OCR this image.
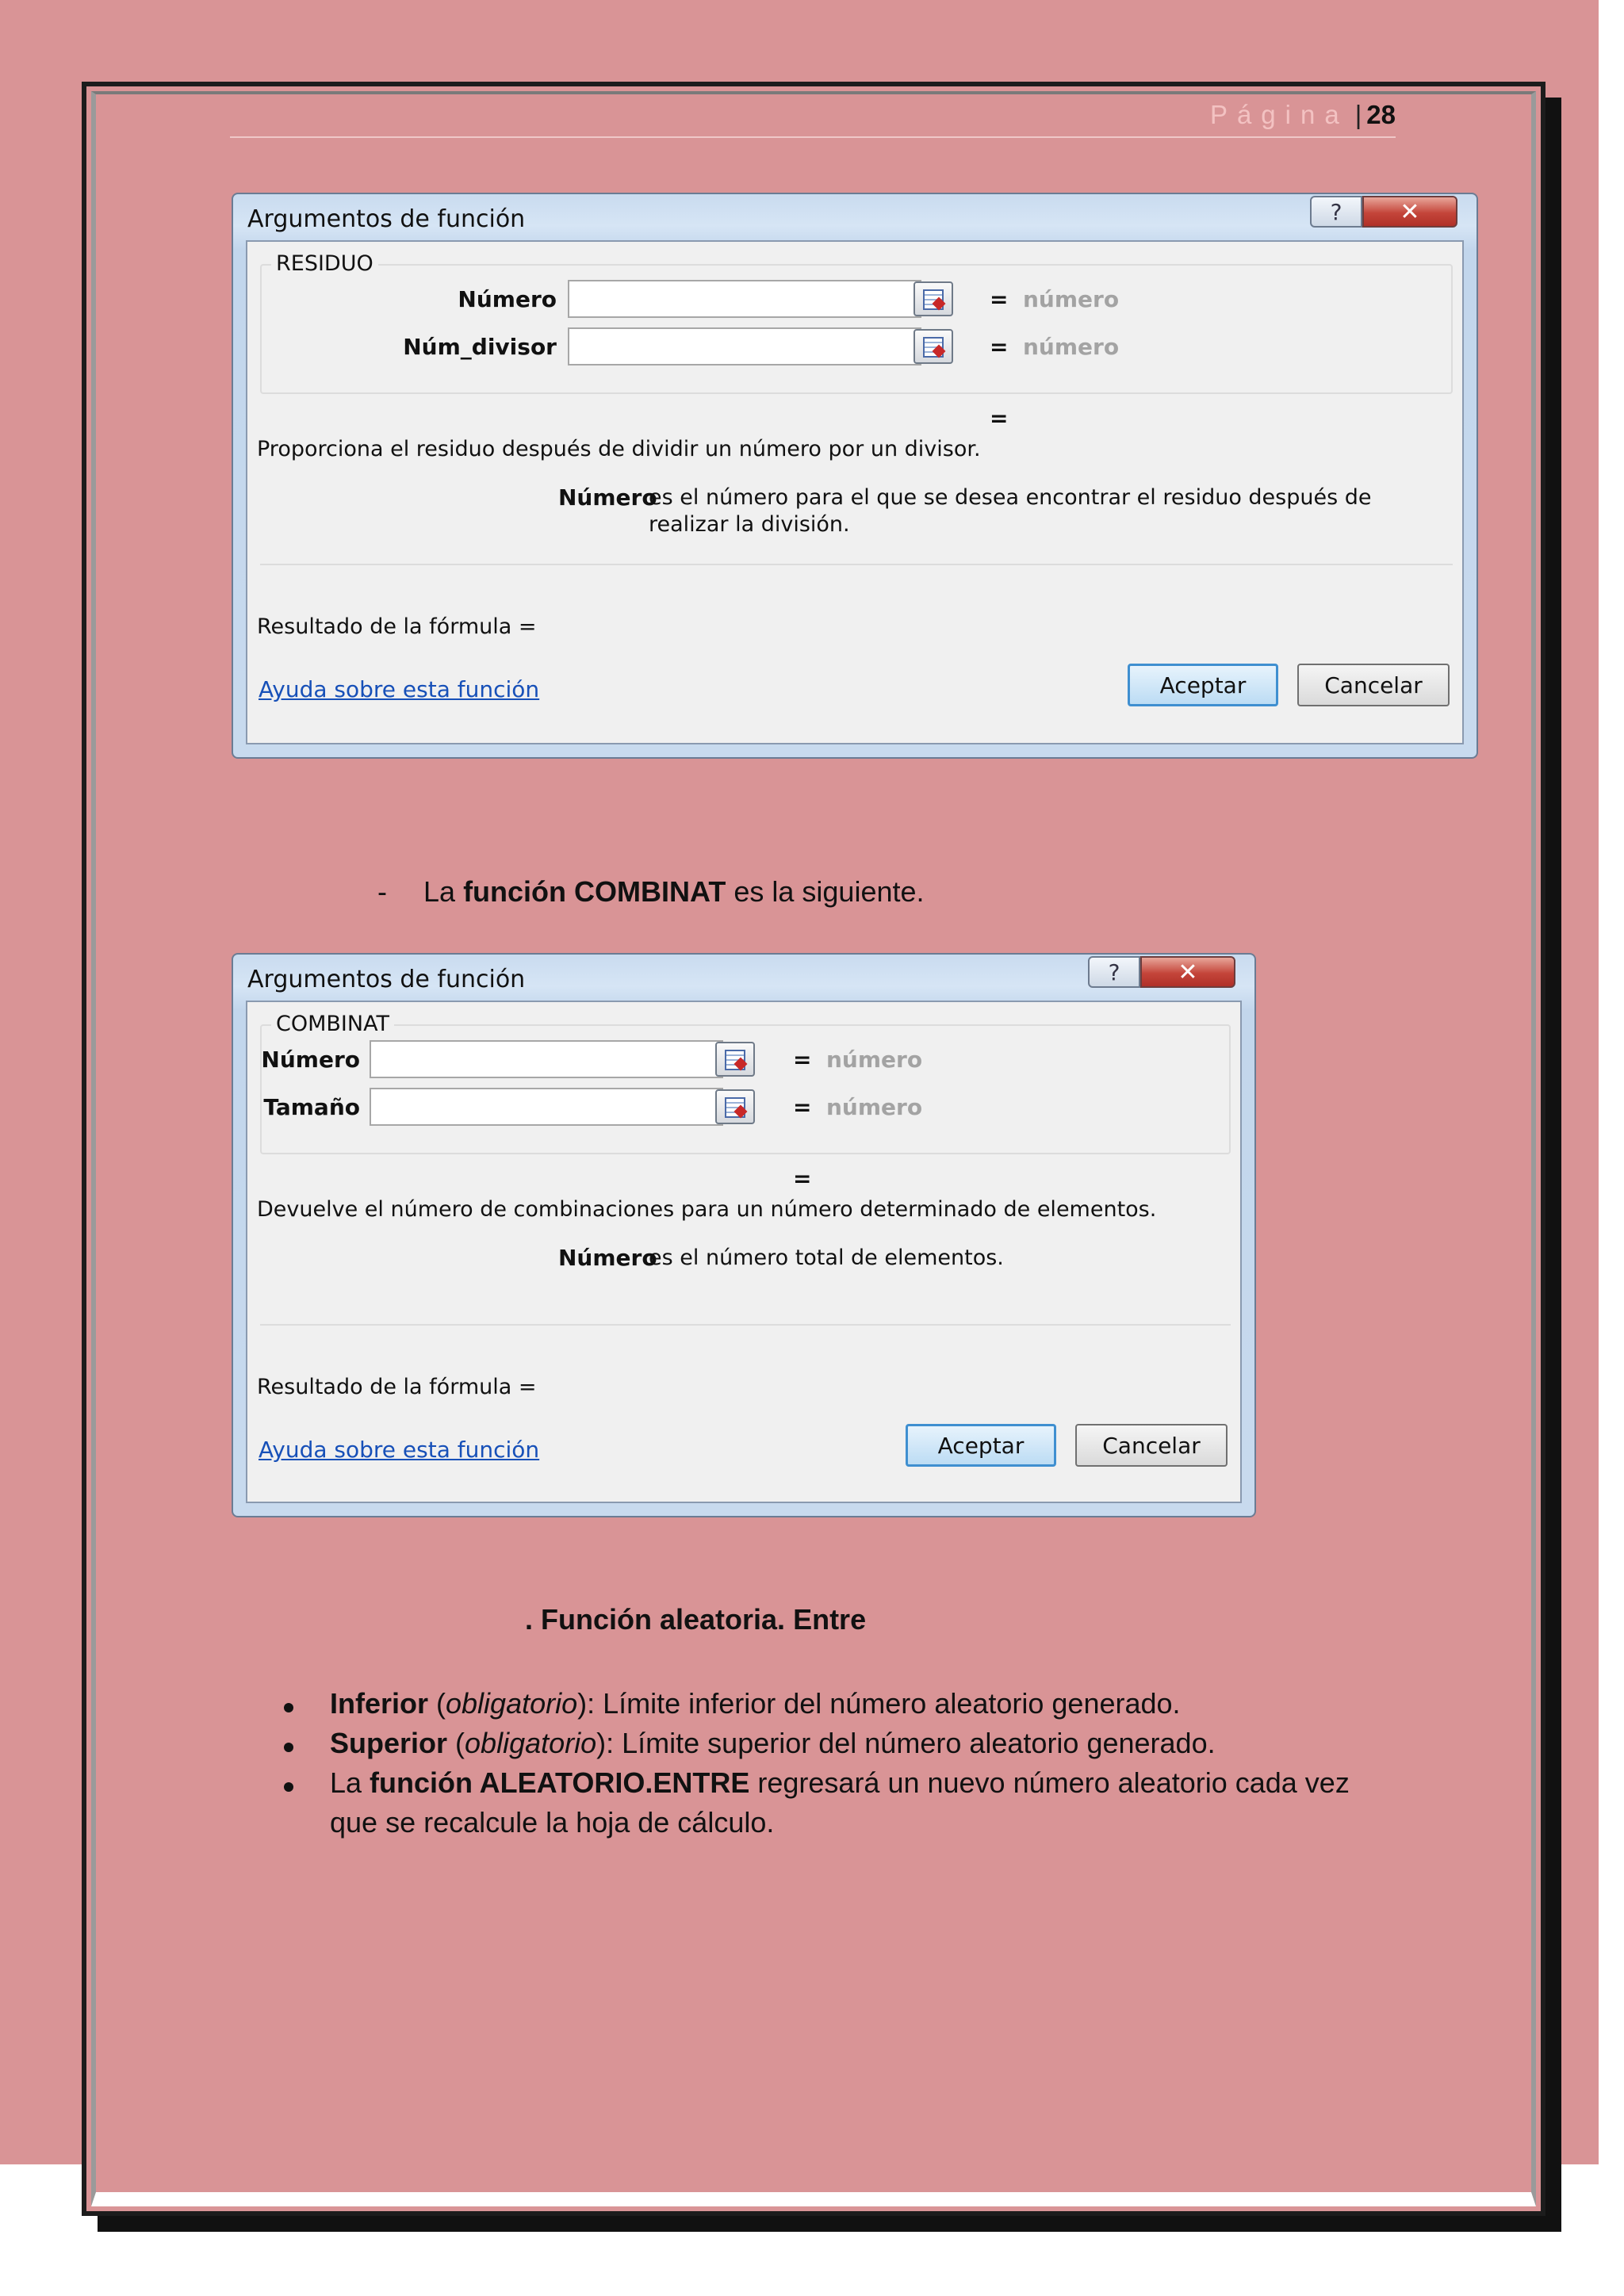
Página | 28
Argumentos de función	? ✕
RESIDUO
Número	= número
Núm_divisor	= número
=
Proporciona el residuo después de dividir un número por un divisor.
Número
es el número para el que se desea encontrar el residuo después de realizar la división.
Resultado de la fórmula =
Ayuda sobre esta función	Aceptar	Cancelar
- La función COMBINAT es la siguiente.
Argumentos de función	? ✕
COMBINAT
Número	= número
Tamaño	= número
=
Devuelve el número de combinaciones para un número determinado de elementos.
Número
es el número total de elementos.
Resultado de la fórmula =
Ayuda sobre esta función	Aceptar	Cancelar
. Función aleatoria. Entre
Inferior (obligatorio): Límite inferior del número aleatorio generado.
Superior (obligatorio): Límite superior del número aleatorio generado.
La función ALEATORIO.ENTRE regresará un nuevo número aleatorio cada vez
que se recalcule la hoja de cálculo.
